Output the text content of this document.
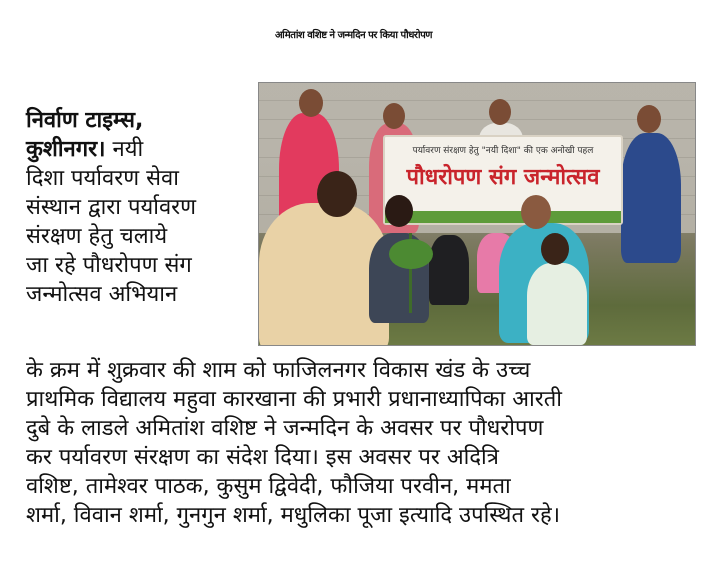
अमितांश वशिष्ट ने जन्मदिन पर किया पौधरोपण
पर्यावरण संरक्षण हेतु "नयी दिशा" की एक अनोखी पहल
पौधरोपण संग जन्मोत्सव
निर्वाण टाइम्स,
कुशीनगर। नयी
दिशा पर्यावरण सेवा
संस्थान द्वारा पर्यावरण
संरक्षण हेतु चलाये
जा रहे पौधरोपण संग
जन्मोत्सव अभियान
के क्रम में शुक्रवार की शाम को फाजिलनगर विकास खंड के उच्च
प्राथमिक विद्यालय महुवा कारखाना की प्रभारी प्रधानाध्यापिका आरती
दुबे के लाडले अमितांश वशिष्ट ने जन्मदिन के अवसर पर पौधरोपण
कर पर्यावरण संरक्षण का संदेश दिया। इस अवसर पर अदित्रि
वशिष्ट, तामेश्वर पाठक, कुसुम द्विवेदी, फौजिया परवीन, ममता
शर्मा, विवान शर्मा, गुनगुन शर्मा, मधुलिका पूजा इत्यादि उपस्थित रहे।
